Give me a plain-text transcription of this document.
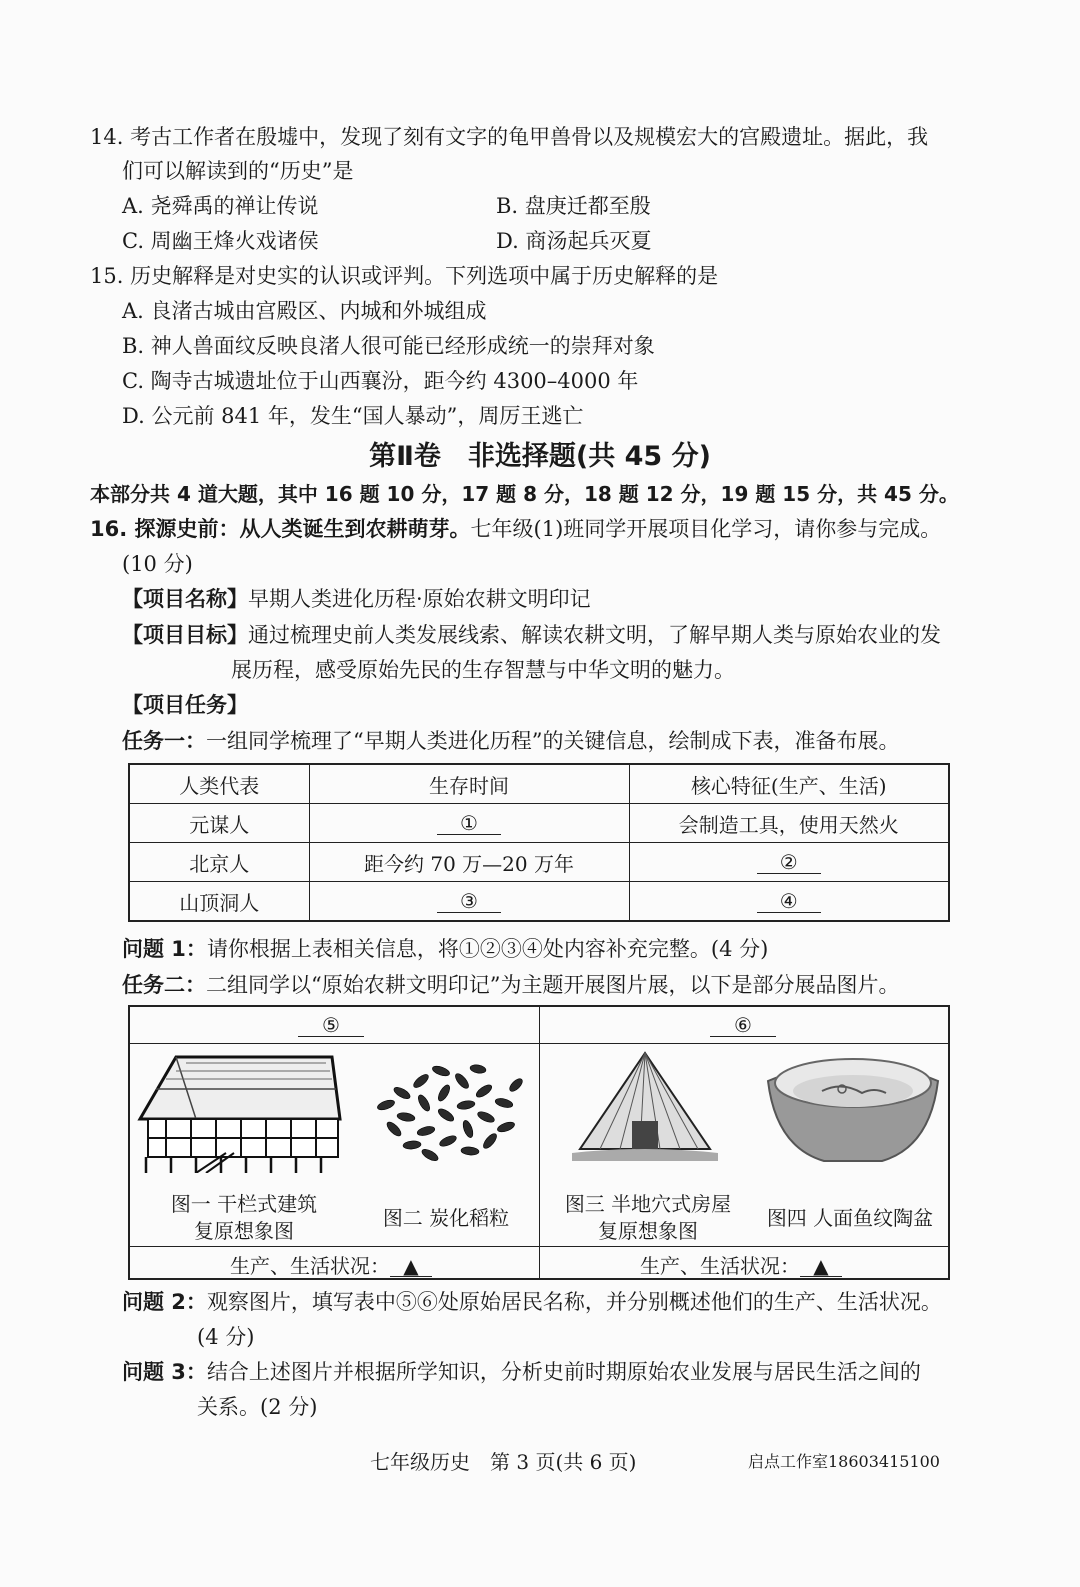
14. 考古工作者在殷墟中，发现了刻有文字的龟甲兽骨以及规模宏大的宫殿遗址。据此，我
们可以解读到的“历史”是
A. 尧舜禹的禅让传说	B. 盘庚迁都至殷
C. 周幽王烽火戏诸侯	D. 商汤起兵灭夏
15. 历史解释是对史实的认识或评判。下列选项中属于历史解释的是
A. 良渚古城由宫殿区、内城和外城组成
B. 神人兽面纹反映良渚人很可能已经形成统一的崇拜对象
C. 陶寺古城遗址位于山西襄汾，距今约 4300–4000 年
D. 公元前 841 年，发生“国人暴动”，周厉王逃亡
第Ⅱ卷　非选择题(共 45 分)
本部分共 4 道大题，其中 16 题 10 分，17 题 8 分，18 题 12 分，19 题 15 分，共 45 分。
16. 探源史前：从人类诞生到农耕萌芽。七年级(1)班同学开展项目化学习，请你参与完成。
(10 分)
【项目名称】早期人类进化历程·原始农耕文明印记
【项目目标】通过梳理史前人类发展线索、解读农耕文明，了解早期人类与原始农业的发
展历程，感受原始先民的生存智慧与中华文明的魅力。
【项目任务】
任务一：一组同学梳理了“早期人类进化历程”的关键信息，绘制成下表，准备布展。
人类代表	生存时间	核心特征(生产、生活)
元谋人	①	会制造工具，使用天然火
北京人	距今约 70 万—20 万年	②
山顶洞人	③	④
问题 1：请你根据上表相关信息，将①②③④处内容补充完整。(4 分)
任务二：二组同学以“原始农耕文明印记”为主题开展图片展，以下是部分展品图片。
⑤	⑥
图一 干栏式建筑
复原想象图
图二 炭化稻粒
图三 半地穴式房屋
复原想象图
图四 人面鱼纹陶盆
生产、生活状况： ▲	生产、生活状况： ▲
问题 2：观察图片，填写表中⑤⑥处原始居民名称，并分别概述他们的生产、生活状况。
(4 分)
问题 3：结合上述图片并根据所学知识，分析史前时期原始农业发展与居民生活之间的
关系。(2 分)
七年级历史　第 3 页(共 6 页)	启点工作室18603415100
